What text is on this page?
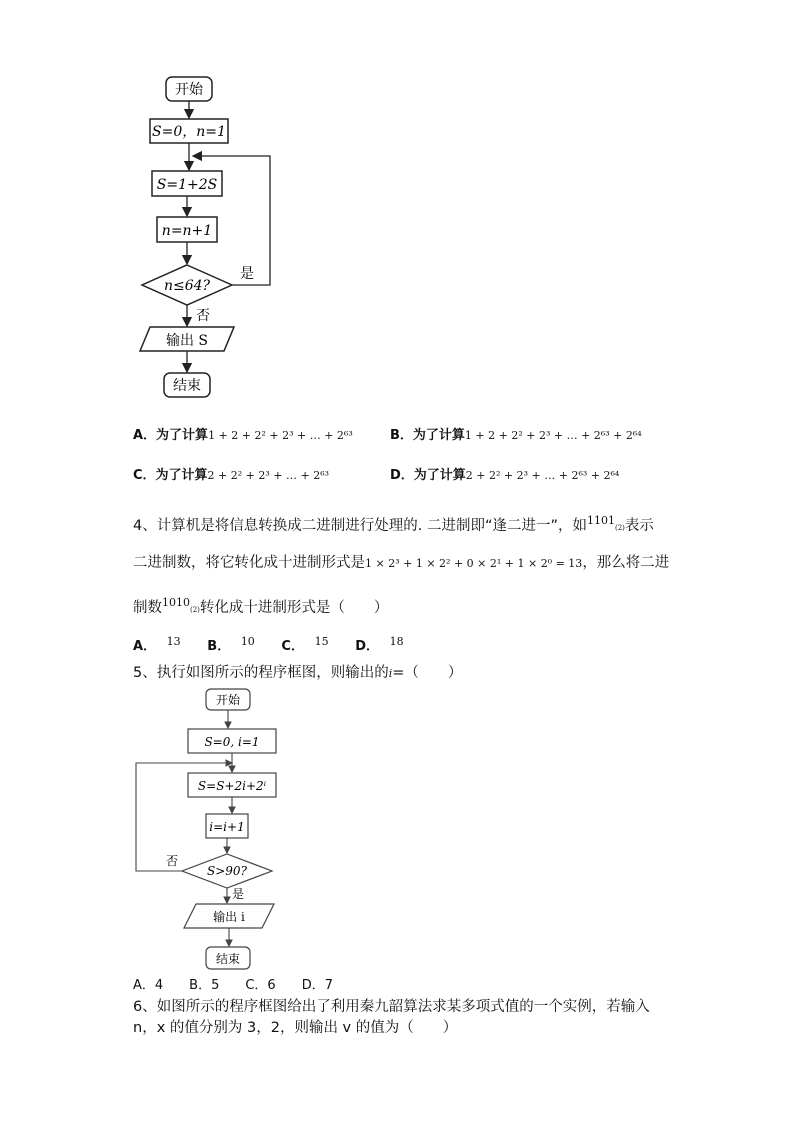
开始
S=0，n=1
S=1+2S
n=n+1
n≤64?
是
否
输出 S
结束
A．为了计算1 + 2 + 2² + 2³ + … + 2⁶³	B．为了计算1 + 2 + 2² + 2³ + … + 2⁶³ + 2⁶⁴
C．为了计算2 + 2² + 2³ + … + 2⁶³	D．为了计算2 + 2² + 2³ + … + 2⁶³ + 2⁶⁴
4、计算机是将信息转换成二进制进行处理的. 二进制即“逢二进一”，如$^{1101}$(2)表示
二进制数，将它转化成十进制形式是1 × 2³ + 1 × 2² + 0 × 2¹ + 1 × 2⁰ = 13，那么将二进
制数$^{1010}$(2)转化成十进制形式是（　　）
A． $^{13}$ B． $^{10}$ C． $^{15}$ D． $^{18}$
5、执行如图所示的程序框图，则输出的i=（　　）
开始
S=0, i=1
S=S+2i+2ⁱ
i=i+1
S>90?
否
是
输出 i
结束
A．4　　B．5　　C．6　　D．7
6、如图所示的程序框图给出了利用秦九韶算法求某多项式值的一个实例，若输入
n，x 的值分别为 3，2，则输出 v 的值为（　　）
